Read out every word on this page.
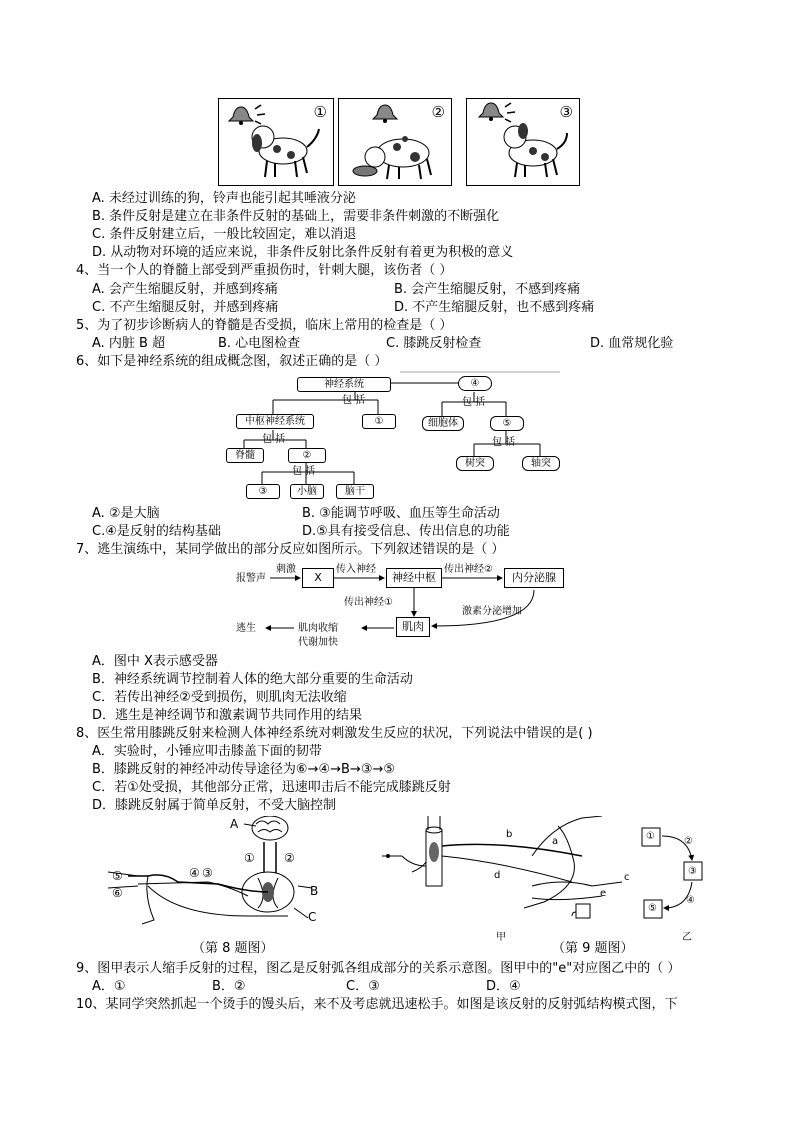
①	②	③
A. 未经过训练的狗，铃声也能引起其唾液分泌
B. 条件反射是建立在非条件反射的基础上，需要非条件刺激的不断强化
C. 条件反射建立后，一般比较固定，难以消退
D. 从动物对环境的适应来说，非条件反射比条件反射有着更为积极的意义
4、当一个人的脊髓上部受到严重损伤时，针刺大腿，该伤者（ ）
A. 会产生缩腿反射，并感到疼痛	B. 会产生缩腿反射，不感到疼痛
C. 不产生缩腿反射，并感到疼痛	D. 不产生缩腿反射，也不感到疼痛
5、为了初步诊断病人的脊髓是否受损，临床上常用的检查是（ ）
A. 内脏 B 超	B. 心电图检查	C. 膝跳反射检查	D. 血常规化验
6、如下是神经系统的组成概念图，叙述正确的是（ ）
神经系统
包 括
④
包 括
中枢神经系统	①	细胞体	⑤
包 括	包 括
脊髓	②
树突	轴突
包 括
③	小脑	脑干
A. ②是大脑	B. ③能调节呼吸、血压等生命活动
C.④是反射的结构基础	D.⑤具有接受信息、传出信息的功能
7、逃生演练中，某同学做出的部分反应如图所示。下列叙述错误的是（ ）
报警声
刺激
X
传入神经
神经中枢
传出神经②
内分泌腺
传出神经①
激素分泌增加
肌肉
肌肉收缩
代谢加快
逃生
A．图中 X表示感受器
B．神经系统调节控制着人体的绝大部分重要的生命活动
C．若传出神经②受到损伤，则肌肉无法收缩
D．逃生是神经调节和激素调节共同作用的结果
8、医生常用膝跳反射来检测人体神经系统对刺激发生反应的状况，下列说法中错误的是( )
A．实验时，小锤应叩击膝盖下面的韧带
B．膝跳反射的神经冲动传导途径为⑥→④→B→③→⑤
C．若①处受损，其他部分正常，迅速叩击后不能完成膝跳反射
D．膝跳反射属于简单反射，不受大脑控制
A
① ②
⑤	④ ③
⑥	B
C
（第 8 题图）
b
a
d	c
e
甲
①	②
③
④
⑤
乙
（第 9 题图）
9、图甲表示人缩手反射的过程，图乙是反射弧各组成部分的关系示意图。图甲中的"e"对应图乙中的（ ）
A．①	B．②	C．③	D．④
10、某同学突然抓起一个烫手的馒头后，来不及考虑就迅速松手。如图是该反射的反射弧结构模式图，下
